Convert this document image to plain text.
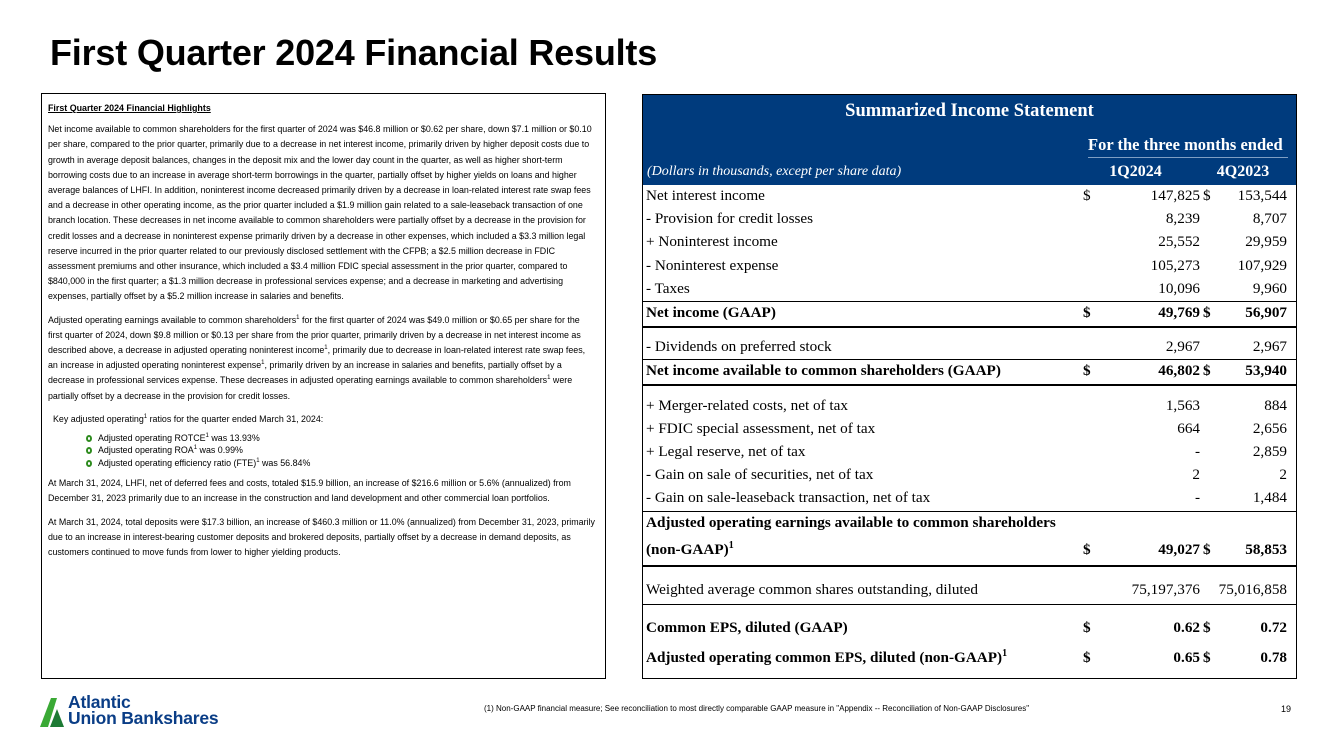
First Quarter 2024 Financial Results

First Quarter 2024 Financial Highlights

Net income available to common shareholders for the first quarter of 2024 was $46.8 million or $0.62 per share, down $7.1 million or $0.10 per share, compared to the prior quarter, primarily due to a decrease in net interest income, primarily driven by higher deposit costs due to growth in average deposit balances, changes in the deposit mix and the lower day count in the quarter, as well as higher short-term borrowing costs due to an increase in average short-term borrowings in the quarter, partially offset by higher yields on loans and higher average balances of LHFI. In addition, noninterest income decreased primarily driven by a decrease in loan-related interest rate swap fees and a decrease in other operating income, as the prior quarter included a $1.9 million gain related to a sale-leaseback transaction of one branch location. These decreases in net income available to common shareholders were partially offset by a decrease in the provision for credit losses and a decrease in noninterest expense primarily driven by a decrease in other expenses, which included a $3.3 million legal reserve incurred in the prior quarter related to our previously disclosed settlement with the CFPB; a $2.5 million decrease in FDIC assessment premiums and other insurance, which included a $3.4 million FDIC special assessment in the prior quarter, compared to $840,000 in the first quarter; a $1.3 million decrease in professional services expense; and a decrease in marketing and advertising expenses, partially offset by a $5.2 million increase in salaries and benefits.

Adjusted operating earnings available to common shareholders$^1$ for the first quarter of 2024 was $49.0 million or $0.65 per share for the first quarter of 2024, down $9.8 million or $0.13 per share from the prior quarter, primarily driven by a decrease in net interest income as described above, a decrease in adjusted operating noninterest income$^1$, primarily due to decrease in loan-related interest rate swap fees, an increase in adjusted operating noninterest expense$^1$, primarily driven by an increase in salaries and benefits, partially offset by a decrease in professional services expense. These decreases in adjusted operating earnings available to common shareholders$^1$ were partially offset by a decrease in the provision for credit losses.

Key adjusted operating$^1$ ratios for the quarter ended March 31, 2024:

Adjusted operating ROTCE$^1$ was 13.93%
Adjusted operating ROA$^1$ was 0.99%
Adjusted operating efficiency ratio (FTE)$^1$ was 56.84%

At March 31, 2024, LHFI, net of deferred fees and costs, totaled $15.9 billion, an increase of $216.6 million or 5.6% (annualized) from December 31, 2023 primarily due to an increase in the construction and land development and other commercial loan portfolios.

At March 31, 2024, total deposits were $17.3 billion, an increase of $460.3 million or 11.0% (annualized) from December 31, 2023, primarily due to an increase in interest-bearing customer deposits and brokered deposits, partially offset by a decrease in demand deposits, as customers continued to move funds from lower to higher yielding products.

Summarized Income Statement
For the three months ended
(Dollars in thousands, except per share data)	1Q2024	4Q2023
Net interest income	$	147,825 $ 153,544
- Provision for credit losses	8,239	8,707
+ Noninterest income	25,552	29,959
- Noninterest expense	105,273 107,929
- Taxes	10,096	9,960
Net income (GAAP)	$	49,769 $ 56,907
- Dividends on preferred stock	2,967	2,967
Net income available to common shareholders (GAAP)	$	46,802 $ 53,940
+ Merger-related costs, net of tax	1,563	884
+ FDIC special assessment, net of tax	664	2,656
+ Legal reserve, net of tax	-	2,859
- Gain on sale of securities, net of tax	2	2
- Gain on sale-leaseback transaction, net of tax	-	1,484
Adjusted operating earnings available to common shareholders
(non-GAAP)$^1$	$	49,027 $ 58,853
Weighted average common shares outstanding, diluted	75,197,376 75,016,858
Common EPS, diluted (GAAP)	$	0.62 $	0.72
Adjusted operating common EPS, diluted (non-GAAP)$^1$	$	0.65 $	0.78
Atlantic
Union Bankshares	(1) Non-GAAP financial measure; See reconciliation to most directly comparable GAAP measure in "Appendix -- Reconciliation of Non-GAAP Disclosures"	19
